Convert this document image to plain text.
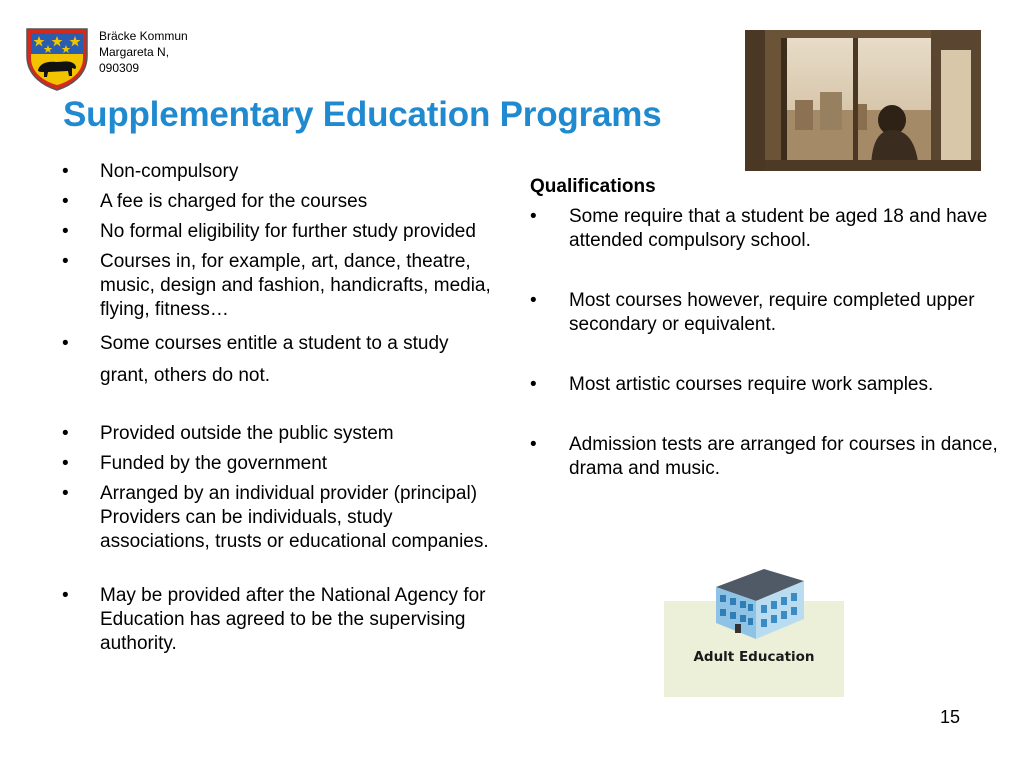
Bräcke Kommun
Margareta N,
090309
Supplementary Education Programs
• Non-compulsory
• A fee is charged for the courses
• No formal eligibility for further study provided
• Courses in, for example, art, dance, theatre, music, design and fashion, handicrafts, media, flying, fitness…
• Some courses entitle a student to a study grant, others do not.
• Provided outside the public system
• Funded by the government
• Arranged by an individual provider (principal) Providers can be individuals, study associations, trusts or educational companies.
• May be provided after the National Agency for Education has agreed to be the supervising authority.
Qualifications
• Some require that a student be aged 18 and have attended compulsory school.
• Most courses however, require completed upper secondary or equivalent.
• Most artistic courses require work samples.
• Admission tests are arranged for courses in dance, drama and music.
Adult Education
15
